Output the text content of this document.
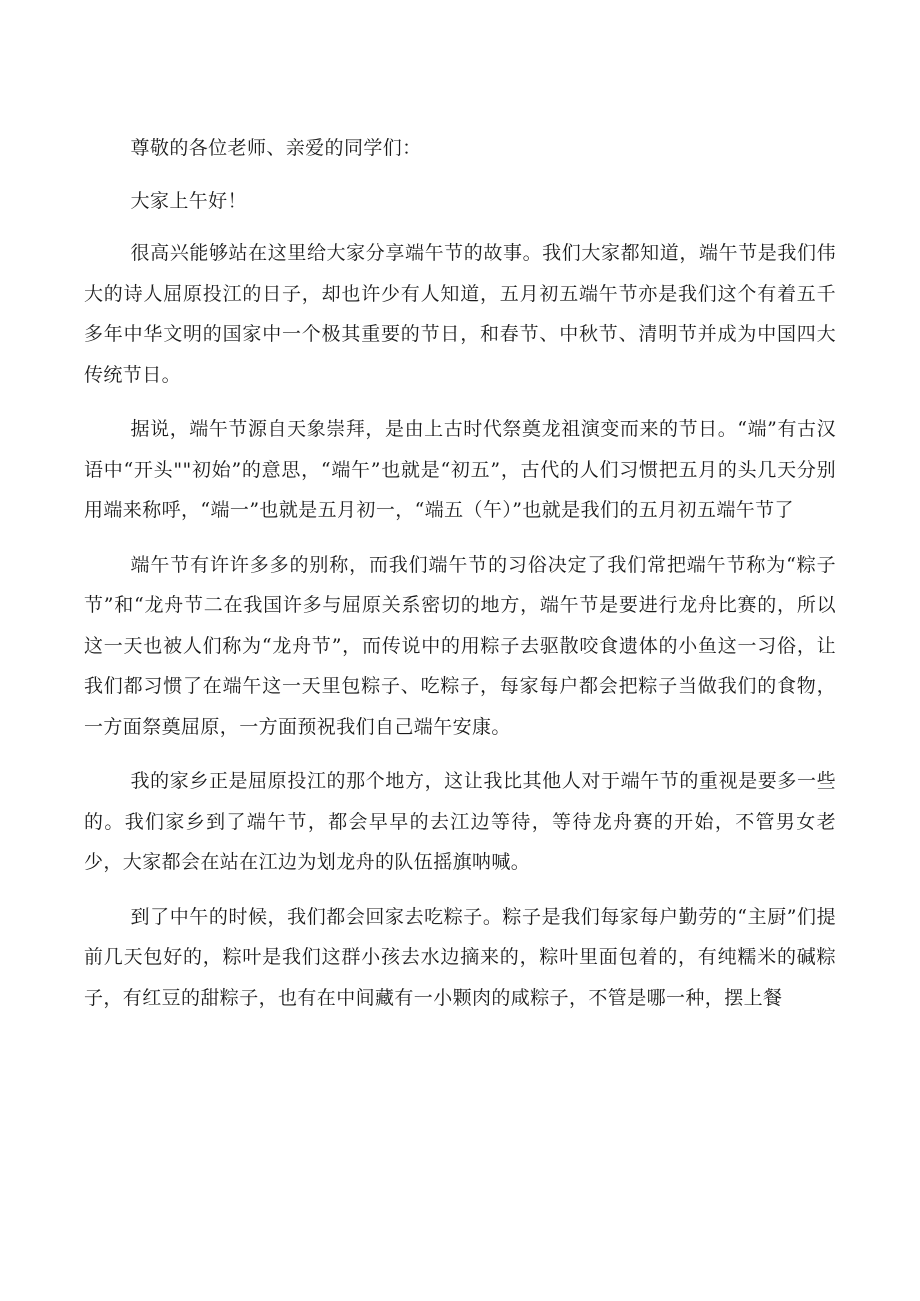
尊敬的各位老师、亲爱的同学们：

大家上午好！

很高兴能够站在这里给大家分享端午节的故事。我们大家都知道，端午节是我们伟大的诗人屈原投江的日子，却也许少有人知道，五月初五端午节亦是我们这个有着五千多年中华文明的国家中一个极其重要的节日，和春节、中秋节、清明节并成为中国四大传统节日。

据说，端午节源自天象崇拜，是由上古时代祭奠龙祖演变而来的节日。“端”有古汉语中“开头""初始”的意思，“端午”也就是“初五”，古代的人们习惯把五月的头几天分别用端来称呼，“端一”也就是五月初一，“端五（午）”也就是我们的五月初五端午节了

端午节有许许多多的别称，而我们端午节的习俗决定了我们常把端午节称为“粽子节”和“龙舟节二在我国许多与屈原关系密切的地方，端午节是要进行龙舟比赛的，所以这一天也被人们称为“龙舟节”，而传说中的用粽子去驱散咬食遗体的小鱼这一习俗，让我们都习惯了在端午这一天里包粽子、吃粽子，每家每户都会把粽子当做我们的食物，一方面祭奠屈原，一方面预祝我们自己端午安康。

我的家乡正是屈原投江的那个地方，这让我比其他人对于端午节的重视是要多一些的。我们家乡到了端午节，都会早早的去江边等待，等待龙舟赛的开始，不管男女老少，大家都会在站在江边为划龙舟的队伍摇旗呐喊。

到了中午的时候，我们都会回家去吃粽子。粽子是我们每家每户勤劳的“主厨”们提前几天包好的，粽叶是我们这群小孩去水边摘来的，粽叶里面包着的，有纯糯米的碱粽子，有红豆的甜粽子，也有在中间藏有一小颗肉的咸粽子，不管是哪一种，摆上餐
